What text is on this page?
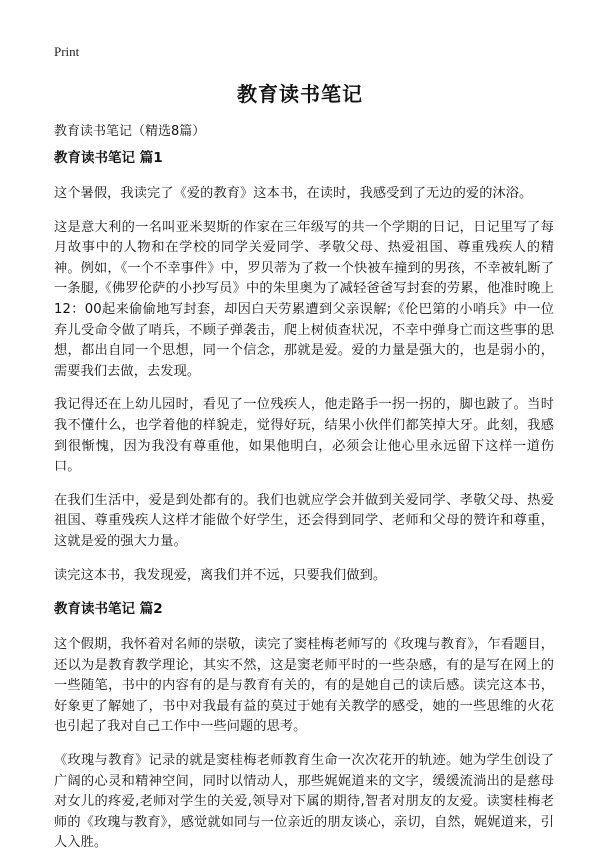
Print
教育读书笔记
教育读书笔记（精选8篇）
教育读书笔记 篇1

这个暑假，我读完了《爱的教育》这本书，在读时，我感受到了无边的爱的沐浴。

这是意大利的一名叫亚米契斯的作家在三年级写的共一个学期的日记，日记里写了每月故事中的人物和在学校的同学关爱同学、孝敬父母、热爱祖国、尊重残疾人的精神。例如，《一个不幸事件》中，罗贝蒂为了救一个快被车撞到的男孩，不幸被轧断了一条腿,《佛罗伦萨的小抄写员》中的朱里奥为了减轻爸爸写封套的劳累，他准时晚上12：00起来偷偷地写封套，却因白天劳累遭到父亲误解;《伦巴第的小哨兵》中一位弃儿受命令做了哨兵，不顾子弹袭击，爬上树侦查状况，不幸中弹身亡而这些事的思想，都出自同一个思想，同一个信念，那就是爱。爱的力量是强大的，也是弱小的，需要我们去做，去发现。

我记得还在上幼儿园时，看见了一位残疾人，他走路手一拐一拐的，脚也跛了。当时我不懂什么，也学着他的样貌走，觉得好玩，结果小伙伴们都笑掉大牙。此刻，我感到很惭愧，因为我没有尊重他，如果他明白，必须会让他心里永远留下这样一道伤口。

在我们生活中，爱是到处都有的。我们也就应学会并做到关爱同学、孝敬父母、热爱祖国、尊重残疾人这样才能做个好学生，还会得到同学、老师和父母的赞许和尊重，这就是爱的强大力量。

读完这本书，我发现爱，离我们并不远，只要我们做到。

教育读书笔记 篇2

这个假期，我怀着对名师的崇敬，读完了窦桂梅老师写的《玫瑰与教育》，乍看题目，还以为是教育教学理论，其实不然，这是窦老师平时的一些杂感，有的是写在网上的一些随笔，书中的内容有的是与教育有关的，有的是她自己的读后感。读完这本书，好象更了解她了，书中对我最有益的莫过于她有关教学的感受，她的一些思维的火花也引起了我对自己工作中一些问题的思考。

《玫瑰与教育》记录的就是窦桂梅老师教育生命一次次花开的轨迹。她为学生创设了广阔的心灵和精神空间，同时以情动人，那些娓娓道来的文字，缓缓流淌出的是慈母对女儿的疼爱,老师对学生的关爱,领导对下属的期待,智者对朋友的友爱。读窦桂梅老师的《玫瑰与教育》，感觉就如同与一位亲近的朋友谈心，亲切，自然，娓娓道来，引人入胜。
